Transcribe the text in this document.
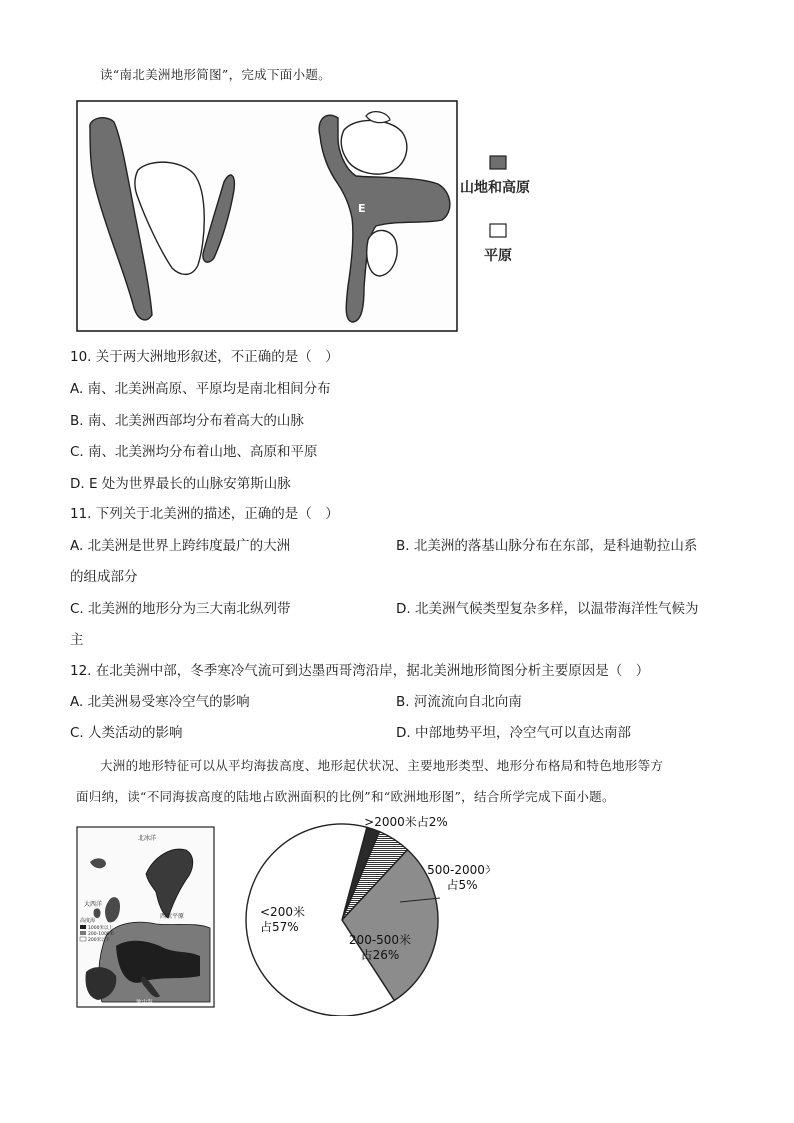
读“南北美洲地形简图”，完成下面小题。
E
山地和高原
平原
10. 关于两大洲地形叙述，不正确的是（　）
A. 南、北美洲高原、平原均是南北相间分布
B. 南、北美洲西部均分布着高大的山脉
C. 南、北美洲均分布着山地、高原和平原
D. E 处为世界最长的山脉安第斯山脉
11. 下列关于北美洲的描述，正确的是（　）
A. 北美洲是世界上跨纬度最广的大洲	B. 北美洲的落基山脉分布在东部，是科迪勒拉山系
的组成部分
C. 北美洲的地形分为三大南北纵列带	D. 北美洲气候类型复杂多样，以温带海洋性气候为
主
12. 在北美洲中部，冬季寒冷气流可到达墨西哥湾沿岸，据北美洲地形简图分析主要原因是（　）
A. 北美洲易受寒冷空气的影响	B. 河流流向自北向南
C. 人类活动的影响	D. 中部地势平坦，冷空气可以直达南部
大洲的地形特征可以从平均海拔高度、地形起伏状况、主要地形类型、地形分布格局和特色地形等方
面归纳，读“不同海拔高度的陆地占欧洲面积的比例”和“欧洲地形图”，结合所学完成下面小题。
北冰洋
大西洋
西欧平原
地中海
高度海
1000米以上
200-1000米
200米以下
<200米
占57%
200-500米
占26%
500-2000米
占5%
>2000米占2%
